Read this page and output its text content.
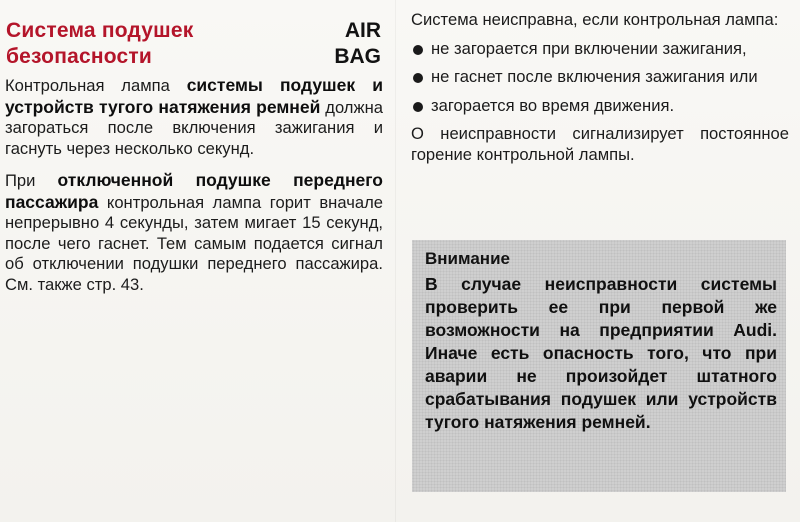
Система подушек безопасности
AIR
BAG

Контрольная лампа системы подушек и устройств тугого натяжения ремней должна загораться после включения зажигания и гаснуть через несколько секунд.

При отключенной подушке переднего пассажира контрольная лампа горит вначале непрерывно 4 секунды, затем мигает 15 секунд, после чего гаснет. Тем самым подается сигнал об отключении подушки переднего пассажира. См. также стр. 43.

Система неисправна, если контрольная лампа:

не загорается при включении зажигания,
не гаснет после включения зажигания или
загорается во время движения.

О неисправности сигнализирует постоянное горение контрольной лампы.

Внимание

В случае неисправности системы проверить ее при первой же возможности на предприятии Audi. Иначе есть опасность того, что при аварии не произойдет штатного срабатывания подушек или устройств тугого натяжения ремней.
